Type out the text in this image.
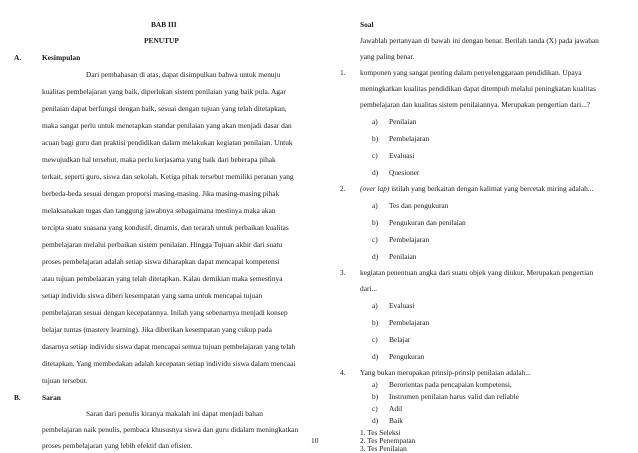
BAB III
PENUTUP
A.	Kesimpulan
Dari pembahasan di atas, dapat disimpulkan bahwa untuk menuju
kualitas pembelajaran yang baik, diperlukan sistem penilaian yang baik pula. Agar
penilaian dapat berfungsi dengan baik, sesuai dengan tujuan yang telah ditetapkan,
maka sangat perlu untuk menetapkan standar penilaian yang akan menjadi dasar dan
acuan bagi guru dan praktisi pendidikan dalam melakukan kegiatan penilaian. Untuk
mewujudkan hal tersebut, maka perlu kerjasama yang baik dari beberapa pihak
terkait, seperti guru, siswa dan sekolah. Ketiga pihak tersebut memiliki peranan yang
berbeda-beda sesuai dengan proporsi masing-masing. Jika masing-masing pihak
melaksanakan tugas dan tanggung jawabnya sebagaimana mestinya maka akan
tercipta suatu suasana yang kondusif, dinamis, dan terarah untuk perbaikan kualitas
pembelajaran melalui perbaikan sistem penilaian. Hingga Tujuan akhir dari suatu
proses pembelajaran adalah setiap siswa diharapkan dapat mencapai kompetensi
atau tujuan pembelaaran yang telah ditetapkan. Kalau demikian maka semestinya
setiap individu siswa diberi kesempatan yang sama untuk mencapai tujuan
pembelajaran sesuai dengan kecepatannya. Inilah yang sebenarnya menjadi konsep
belajar tuntas (mastery learning). Jika diberikan kesempatan yang cukup pada
dasarnya setiap individu siswa dapat mencapai semua tujuan pembelajaran yang telah
ditetapkan. Yang membedakan adalah kecepatan setiap individu siswa dalam mencaai
tujuan tersebut.
B.	Saran
Saran dari penulis kiranya makalah ini dapat menjadi bahan
pembelajaran naik penulis, pembaca khususnya siswa dan guru didalam meningkatkan
proses pembelajaran yang lebih efektif dan efisien.
Soal
Jawablah pertanyaan di bawah ini dengan benar. Berilah tanda (X) pada jawaban
yang paling benar.
1. komponen yang sangat penting dalam penyelenggaraan pendidikan. Upaya
meningkatkan kualitas pendidikan dapat ditempuh melalui peningkatan kualitas
pembelajaran dan kualitas sistem penilaiannya. Merupakan pengertian dari...?
a) Penilaian
b) Pembelajaran
c) Evaluasi
d) Quesioner
2. (over lap) istilah yang berkaitan dengan kalimat yang bercetak miring adalah...
a) Tes dan pengukuran
b) Pengukuran dan penilaian
c) Pembelajaran
d) Penilaian
3. kegiatan penentuan angka dari suatu objek yang diukur. Merupakan pengertian
dari...
a) Evaluasi
b) Pembelajaran
c) Belajar
d) Pengukuran
4. Yang bukan merupakan prinsip-prinsip penilaian adalah...
a) Berorientas pada pencapaian kompetensi,
b) Instrumen penilaian harus valid dan reliable
c) Adil
d) Baik
1. Tes Seleksi
2. Tes Penempatan
3. Tes Penilaian
10
